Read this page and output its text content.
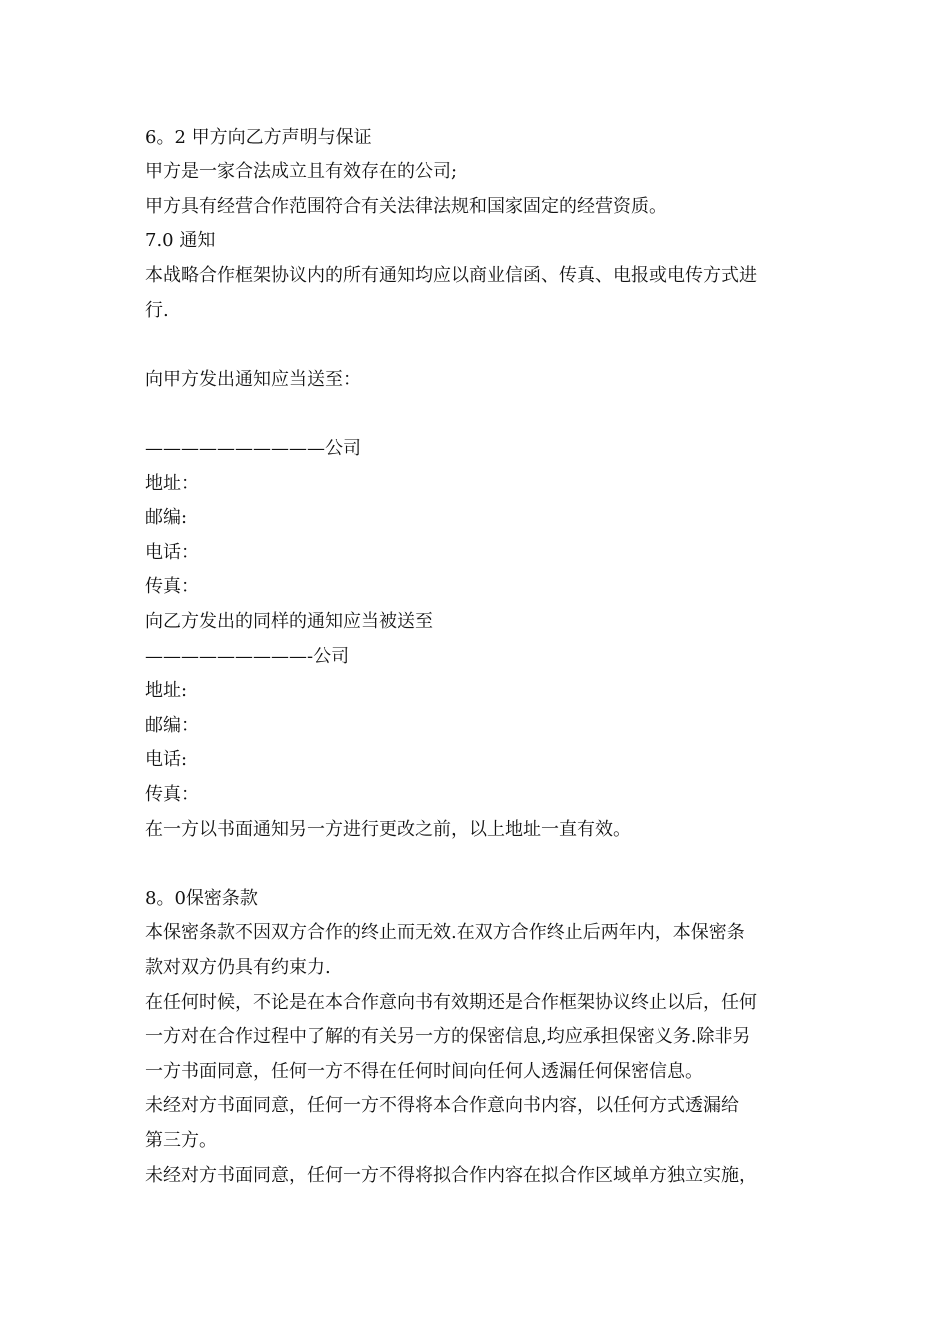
6。2 甲方向乙方声明与保证
甲方是一家合法成立且有效存在的公司;
甲方具有经营合作范围符合有关法律法规和国家固定的经营资质。
7.0 通知
本战略合作框架协议内的所有通知均应以商业信函、传真、电报或电传方式进
行.
向甲方发出通知应当送至：
——————————公司
地址：
邮编:
电话：
传真：
向乙方发出的同样的通知应当被送至
—————————-公司
地址:
邮编：
电话:
传真：
在一方以书面通知另一方进行更改之前，以上地址一直有效。
8。0保密条款
本保密条款不因双方合作的终止而无效.在双方合作终止后两年内，本保密条
款对双方仍具有约束力.
在任何时候，不论是在本合作意向书有效期还是合作框架协议终止以后，任何
一方对在合作过程中了解的有关另一方的保密信息,均应承担保密义务.除非另
一方书面同意，任何一方不得在任何时间向任何人透漏任何保密信息。
未经对方书面同意，任何一方不得将本合作意向书内容，以任何方式透漏给
第三方。
未经对方书面同意，任何一方不得将拟合作内容在拟合作区域单方独立实施，
